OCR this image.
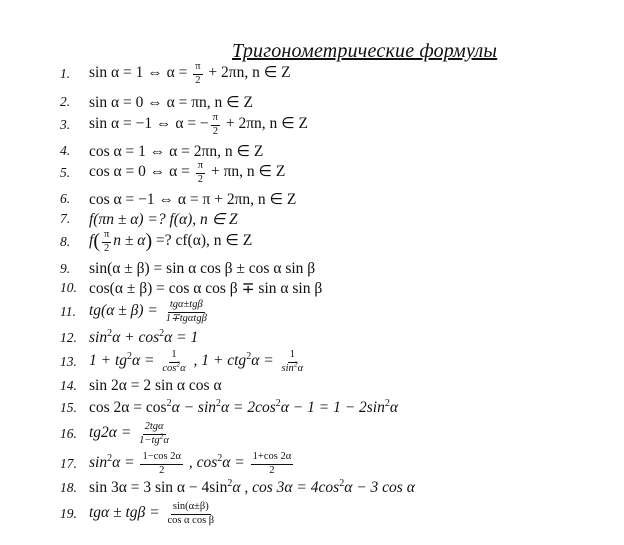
Тригонометрические формулы
1.	sin α = 1 ⇔ $\alpha = \frac{\pi}{2} + 2\pi n$, n ∈ Z
2.	sin α = 0 ⇔ α = πn, n ∈ Z
3.	sin α = −1 ⇔ α = − $\frac{\pi}{2} + 2\pi n$, n ∈ Z
4.	cos α = 1 ⇔ α = 2πn, n ∈ Z
5.	cos α = 0 ⇔ $\alpha = \frac{\pi}{2} + \pi n$, n ∈ Z
6.	cos α = −1 ⇔ α = π + 2πn, n ∈ Z
7.	f(πn ± α) =? f(α), n ∈ Z
8.	$f( \frac{\pi}{2}$ n ± α) =? cf(α), n ∈ Z
9.	sin(α ± β) = sin α cos β ± cos α sin β
10. cos(α ± β) = cos α cos β ∓ sin α sin β
11. tg(α ± β) = tgα±tgβ
1∓tgαtgβ
12. $\sin^2\alpha + \cos^2\alpha = 1$
13. $1 + tg^2\alpha = \frac{1}{\cos^2\alpha}$ , $1 + ctg^2\alpha = \frac{1}{\sin^2\alpha}$
14. sin 2α = 2 sin α cos α
15. $\cos 2\alpha = \cos^2\alpha - \sin^2\alpha = 2\cos^2\alpha - 1 = 1 - 2\sin^2\alpha$
16. tg2α = 2tgα
$1-tg^2\alpha$
17. $\sin^2\alpha = \frac{1-\cos 2\alpha}{2}$ , $\cos^2\alpha = \frac{1+\cos 2\alpha}{2}$
18. sin 3α = 3 $\sin \alpha - 4\sin^2\alpha$ , $\cos 3\alpha = 4\cos^2\alpha - 3$ cos α
19. $tg\alpha \pm tg\beta = \frac{\sin(\alpha\pm\beta)}{\text{cos α cos β}}$
